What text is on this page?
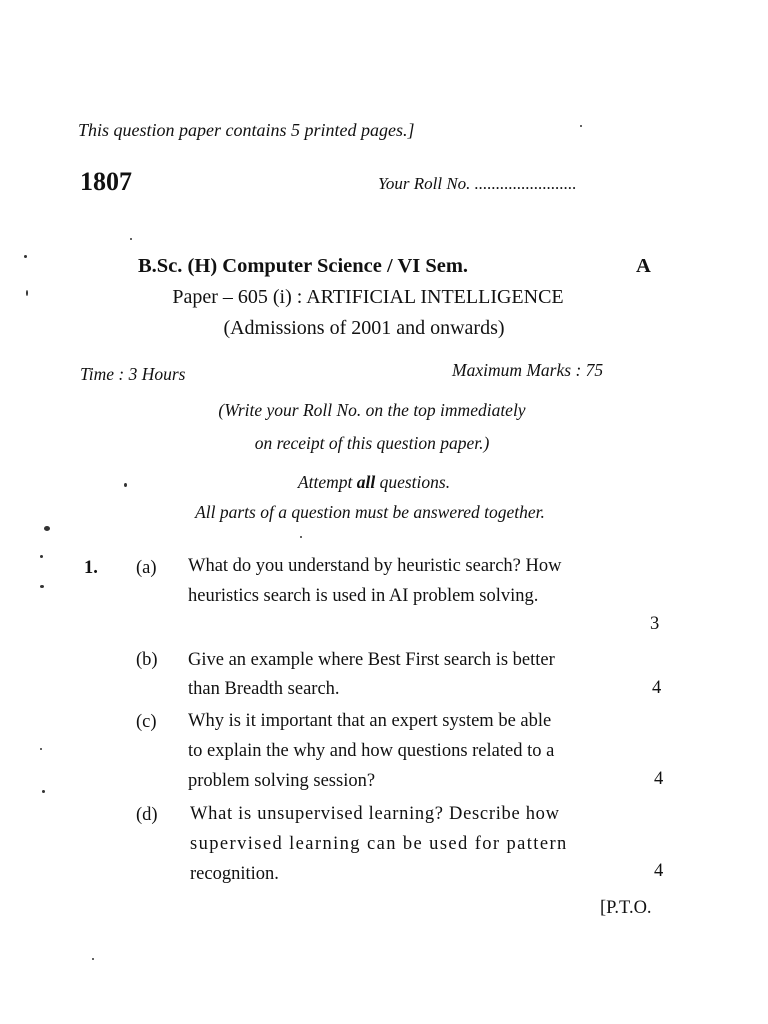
This question paper contains 5 printed pages.]
1807	Your Roll No. ........................
B.Sc. (H) Computer Science / VI Sem.	A
Paper – 605 (i) : ARTIFICIAL INTELLIGENCE
(Admissions of 2001 and onwards)
Time : 3 Hours	Maximum Marks : 75
(Write your Roll No. on the top immediately
on receipt of this question paper.)
Attempt all questions.
All parts of a question must be answered together.
1. (a) What do you understand by heuristic search? How
heuristics search is used in AI problem solving.
3
(b) Give an example where Best First search is better
than Breadth search.	4
(c) Why is it important that an expert system be able
to explain the why and how questions related to a
problem solving session?	4
(d) What is unsupervised learning? Describe how
supervised learning can be used for pattern
recognition.	4
[P.T.O.
